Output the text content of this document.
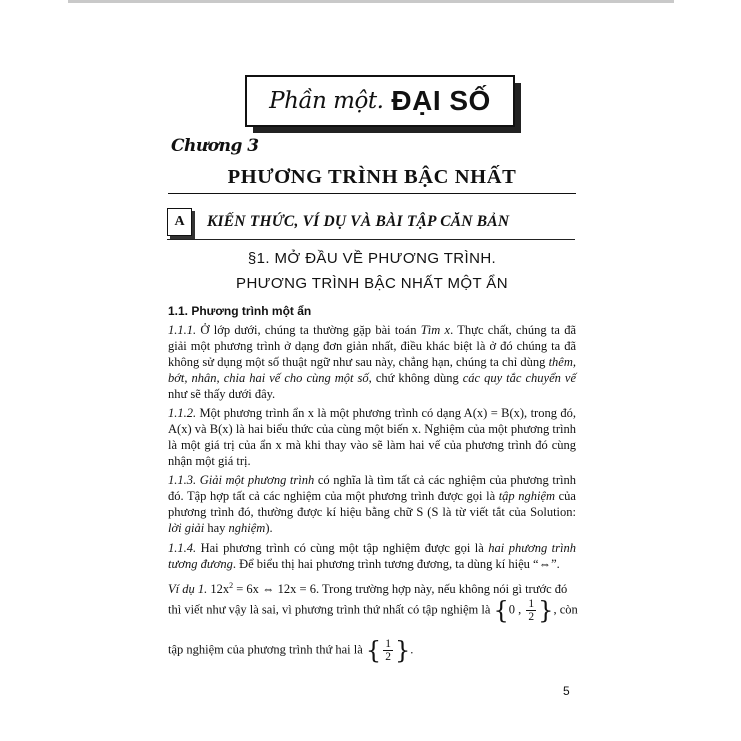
Phần một. ĐẠI SỐ
Chương 3
PHƯƠNG TRÌNH BẬC NHẤT
A KIẾN THỨC, VÍ DỤ VÀ BÀI TẬP CĂN BẢN
§1. MỞ ĐẦU VỀ PHƯƠNG TRÌNH.
PHƯƠNG TRÌNH BẬC NHẤT MỘT ẨN
1.1. Phương trình một ẩn
1.1.1. Ở lớp dưới, chúng ta thường gặp bài toán Tìm x. Thực chất, chúng ta đã giải một phương trình ở dạng đơn giản nhất, điều khác biệt là ở đó chúng ta đã không sử dụng một số thuật ngữ như sau này, chẳng hạn, chúng ta chỉ dùng thêm, bớt, nhân, chia hai vế cho cùng một số, chứ không dùng các quy tắc chuyển vế như sẽ thấy dưới đây.
1.1.2. Một phương trình ẩn x là một phương trình có dạng A(x) = B(x), trong đó, A(x) và B(x) là hai biểu thức của cùng một biến x. Nghiệm của một phương trình là một giá trị của ẩn x mà khi thay vào sẽ làm hai vế của phương trình đó cùng nhận một giá trị.
1.1.3. Giải một phương trình có nghĩa là tìm tất cả các nghiệm của phương trình đó. Tập hợp tất cả các nghiệm của một phương trình được gọi là tập nghiệm của phương trình đó, thường được kí hiệu bằng chữ S (S là từ viết tắt của Solution: lời giải hay nghiệm).
1.1.4. Hai phương trình có cùng một tập nghiệm được gọi là hai phương trình tương đương. Để biểu thị hai phương trình tương đương, ta dùng kí hiệu “⇔”.
Ví dụ 1. $12x^2 = 6x$ ⇔ 12x = 6. Trong trường hợp này, nếu không nói gì trước đó
thì viết như vậy là sai, vì phương trình thứ nhất có tập nghiệm là {0 , $\frac{1}{2}$ }, còn
tập nghiệm của phương trình thứ hai là { $\frac{1}{2}$ }.
5
